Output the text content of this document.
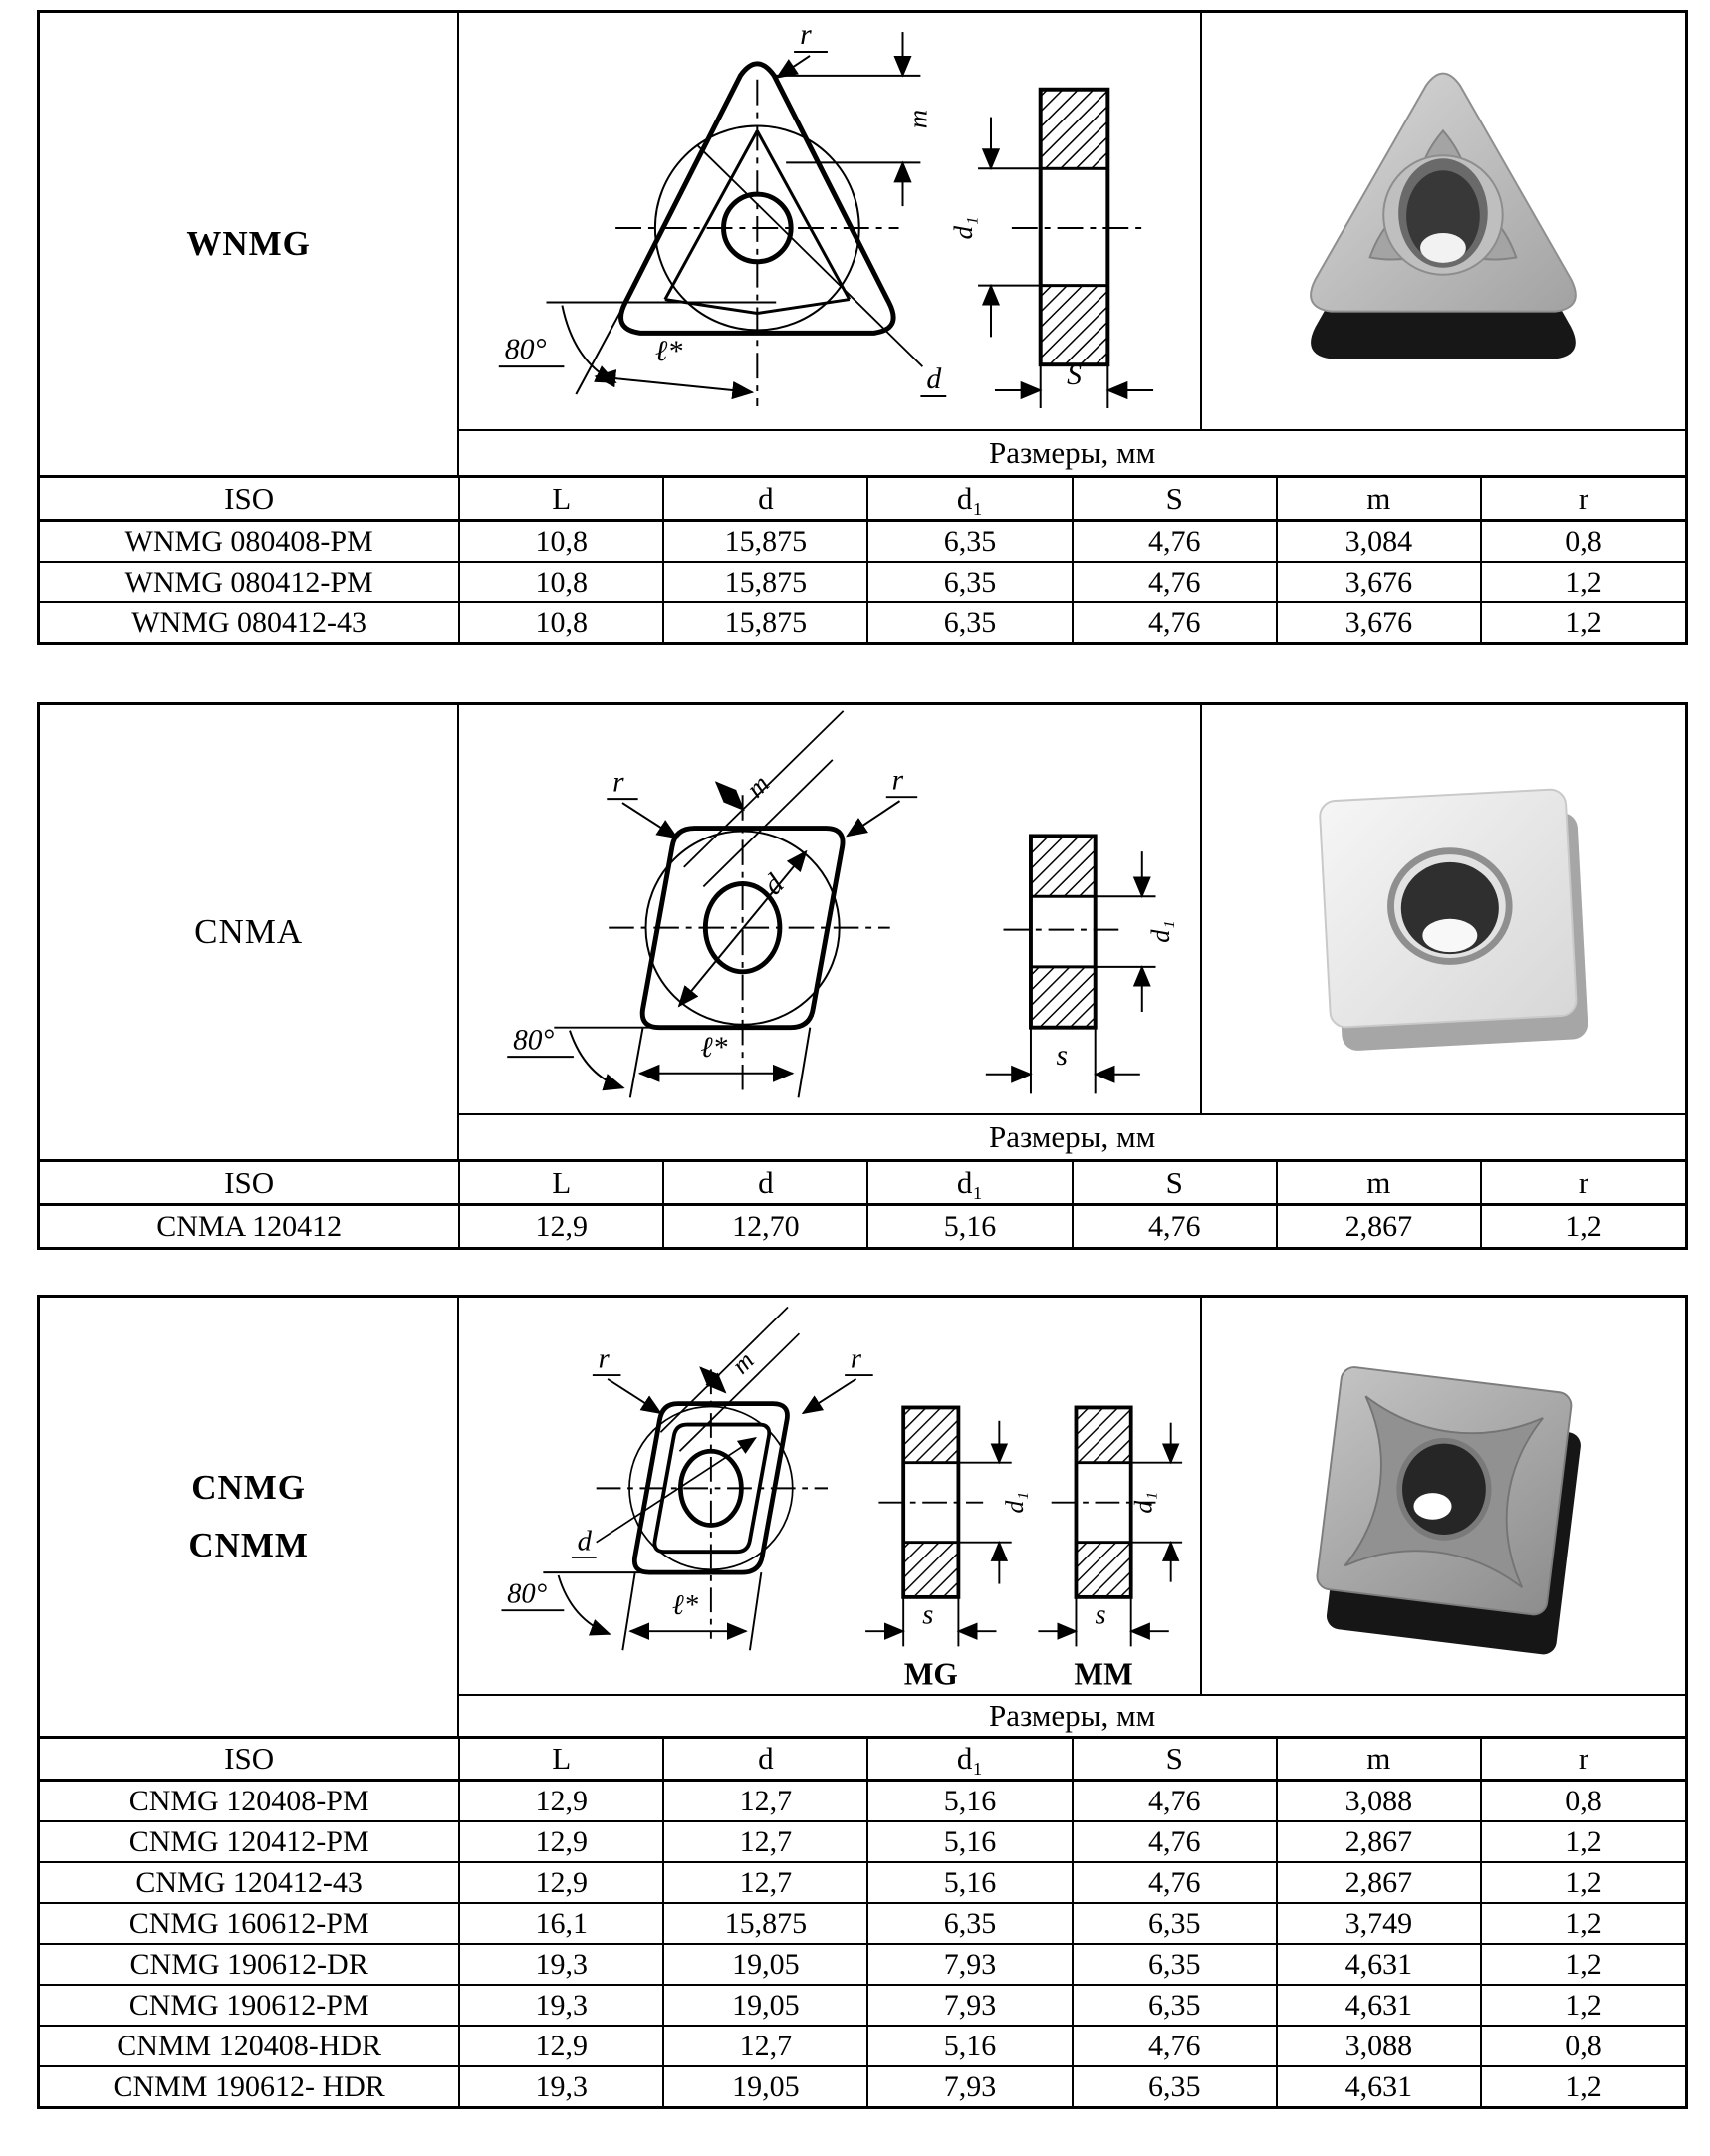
WNMG
r
m
d
80°	ℓ*
d₁
S
Размеры, мм
ISO	L	d	d₁	S	m	r
WNMG 080408-PM	10,8	15,875	6,35	4,76	3,084	0,8
WNMG 080412-PM	10,8	15,875	6,35	4,76	3,676	1,2
WNMG 080412-43	10,8	15,875	6,35	4,76	3,676	1,2
CNMA
d
m
r	r
80°	ℓ*
d₁
s
Размеры, мм
ISO	L	d	d₁	S	m	r
CNMA 120412	12,9	12,70	5,16	4,76	2,867	1,2
CNMG
CNMM
m
r	r
d
80°	ℓ*
d₁
s
MG
d₁
s
MM
Размеры, мм
ISO	L	d	d₁	S	m	r
CNMG 120408-PM	12,9	12,7	5,16	4,76	3,088	0,8
CNMG 120412-PM	12,9	12,7	5,16	4,76	2,867	1,2
CNMG 120412-43	12,9	12,7	5,16	4,76	2,867	1,2
CNMG 160612-PM	16,1	15,875	6,35	6,35	3,749	1,2
CNMG 190612-DR	19,3	19,05	7,93	6,35	4,631	1,2
CNMG 190612-PM	19,3	19,05	7,93	6,35	4,631	1,2
CNMM 120408-HDR	12,9	12,7	5,16	4,76	3,088	0,8
CNMM 190612- HDR	19,3	19,05	7,93	6,35	4,631	1,2
